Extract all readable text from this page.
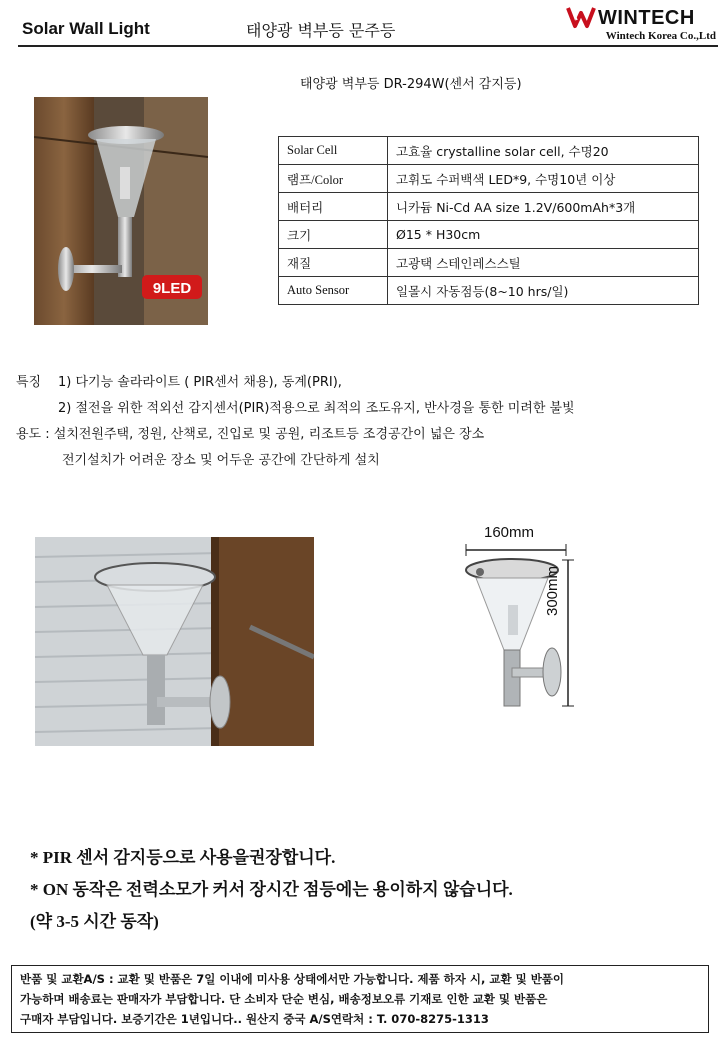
Solar Wall Light	태양광 벽부등 문주등
WINTECH
Wintech Korea Co.,Ltd
태양광 벽부등 DR-294W(센서 감지등)
9LED
Solar Cell	고효율 crystalline solar cell, 수명20
램프/Color	고휘도 수퍼백색 LED*9, 수명10년 이상
배터리	니카듐 Ni-Cd AA size 1.2V/600mAh*3개
크기	Ø15 * H30cm
재질	고광택 스테인레스스틸
Auto Sensor	일몰시 자동점등(8~10 hrs/일)
특징 1) 다기능 솔라라이트 ( PIR센서 채용), 동계(PRI),
2) 절전을 위한 적외선 감지센서(PIR)적용으로 최적의 조도유지, 반사경을 통한 미려한 불빛
용도 : 설치전원주택, 정원, 산책로, 진입로 및 공원, 리조트등 조경공간이 넓은 장소
전기설치가 어려운 장소 및 어두운 공간에 간단하게 설치
160mm
300mm
* PIR 센서 감지등으로 사용을권장합니다.
* ON 동작은 전력소모가 커서 장시간 점등에는 용이하지 않습니다.
(약 3-5 시간 동작)
반품 및 교환A/S : 교환 및 반품은 7일 이내에 미사용 상태에서만 가능합니다. 제품 하자 시, 교환 및 반품이
가능하며 배송료는 판매자가 부담합니다. 단 소비자 단순 변심, 배송정보오류 기재로 인한 교환 및 반품은
구매자 부담입니다. 보증기간은 1년입니다.. 원산지 중국 A/S연락처 : T. 070-8275-1313
